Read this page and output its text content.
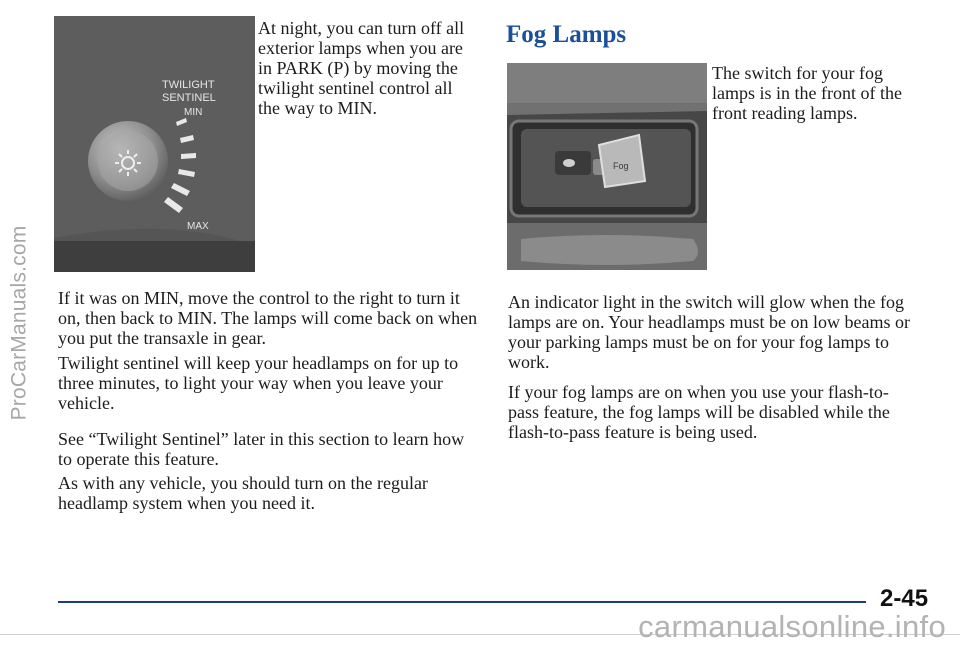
ProCarManuals.com
TWILIGHT
SENTINEL
MIN
MAX

At night, you can turn off all exterior lamps when you are in PARK (P) by moving the twilight sentinel control all the way to MIN.

Fog Lamps
Fog

The switch for your fog lamps is in the front of the front reading lamps.

If it was on MIN, move the control to the right to turn it on, then back to MIN. The lamps will come back on when you put the transaxle in gear.

Twilight sentinel will keep your headlamps on for up to three minutes, to light your way when you leave your vehicle.

See “Twilight Sentinel” later in this section to learn how to operate this feature.

As with any vehicle, you should turn on the regular headlamp system when you need it.

An indicator light in the switch will glow when the fog lamps are on. Your headlamps must be on low beams or your parking lamps must be on for your fog lamps to work.

If your fog lamps are on when you use your flash-to-pass feature, the fog lamps will be disabled while the flash-to-pass feature is being used.

2-45
carmanualsonline.info
